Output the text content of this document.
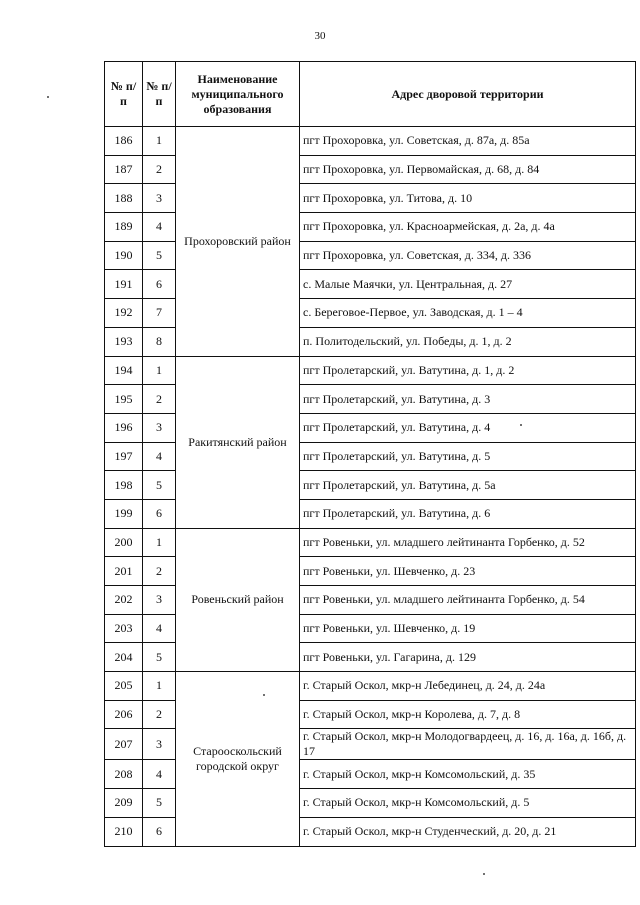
30
№ п/п	№ п/п	Наименование муниципального образования	Адрес дворовой территории
186	1	Прохоровский район	пгт Прохоровка, ул. Советская, д. 87а, д. 85а
187	2		пгт Прохоровка, ул. Первомайская, д. 68, д. 84
188	3		пгт Прохоровка, ул. Титова, д. 10
189	4		пгт Прохоровка, ул. Красноармейская, д. 2а, д. 4а
190	5		пгт Прохоровка, ул. Советская, д. 334, д. 336
191	6		с. Малые Маячки, ул. Центральная, д. 27
192	7		с. Береговое-Первое, ул. Заводская, д. 1 – 4
193	8		п. Политодельский, ул. Победы, д. 1, д. 2
194	1	Ракитянский район	пгт Пролетарский, ул. Ватутина, д. 1, д. 2
195	2		пгт Пролетарский, ул. Ватутина, д. 3
196	3		пгт Пролетарский, ул. Ватутина, д. 4
197	4		пгт Пролетарский, ул. Ватутина, д. 5
198	5		пгт Пролетарский, ул. Ватутина, д. 5а
199	6		пгт Пролетарский, ул. Ватутина, д. 6
200	1	Ровеньский район	пгт Ровеньки, ул. младшего лейтинанта Горбенко, д. 52
201	2		пгт Ровеньки, ул. Шевченко, д. 23
202	3		пгт Ровеньки, ул. младшего лейтинанта Горбенко, д. 54
203	4		пгт Ровеньки, ул. Шевченко, д. 19
204	5		пгт Ровеньки, ул. Гагарина, д. 129
205	1	Старооскольский городской округ	г. Старый Оскол, мкр-н Лебединец, д. 24, д. 24а
206	2		г. Старый Оскол, мкр-н Королева, д. 7, д. 8
207	3		г. Старый Оскол, мкр-н Молодогвардеец, д. 16, д. 16а, д. 16б, д. 17
208	4		г. Старый Оскол, мкр-н Комсомольский, д. 35
209	5		г. Старый Оскол, мкр-н Комсомольский, д. 5
210	6		г. Старый Оскол, мкр-н Студенческий, д. 20, д. 21
